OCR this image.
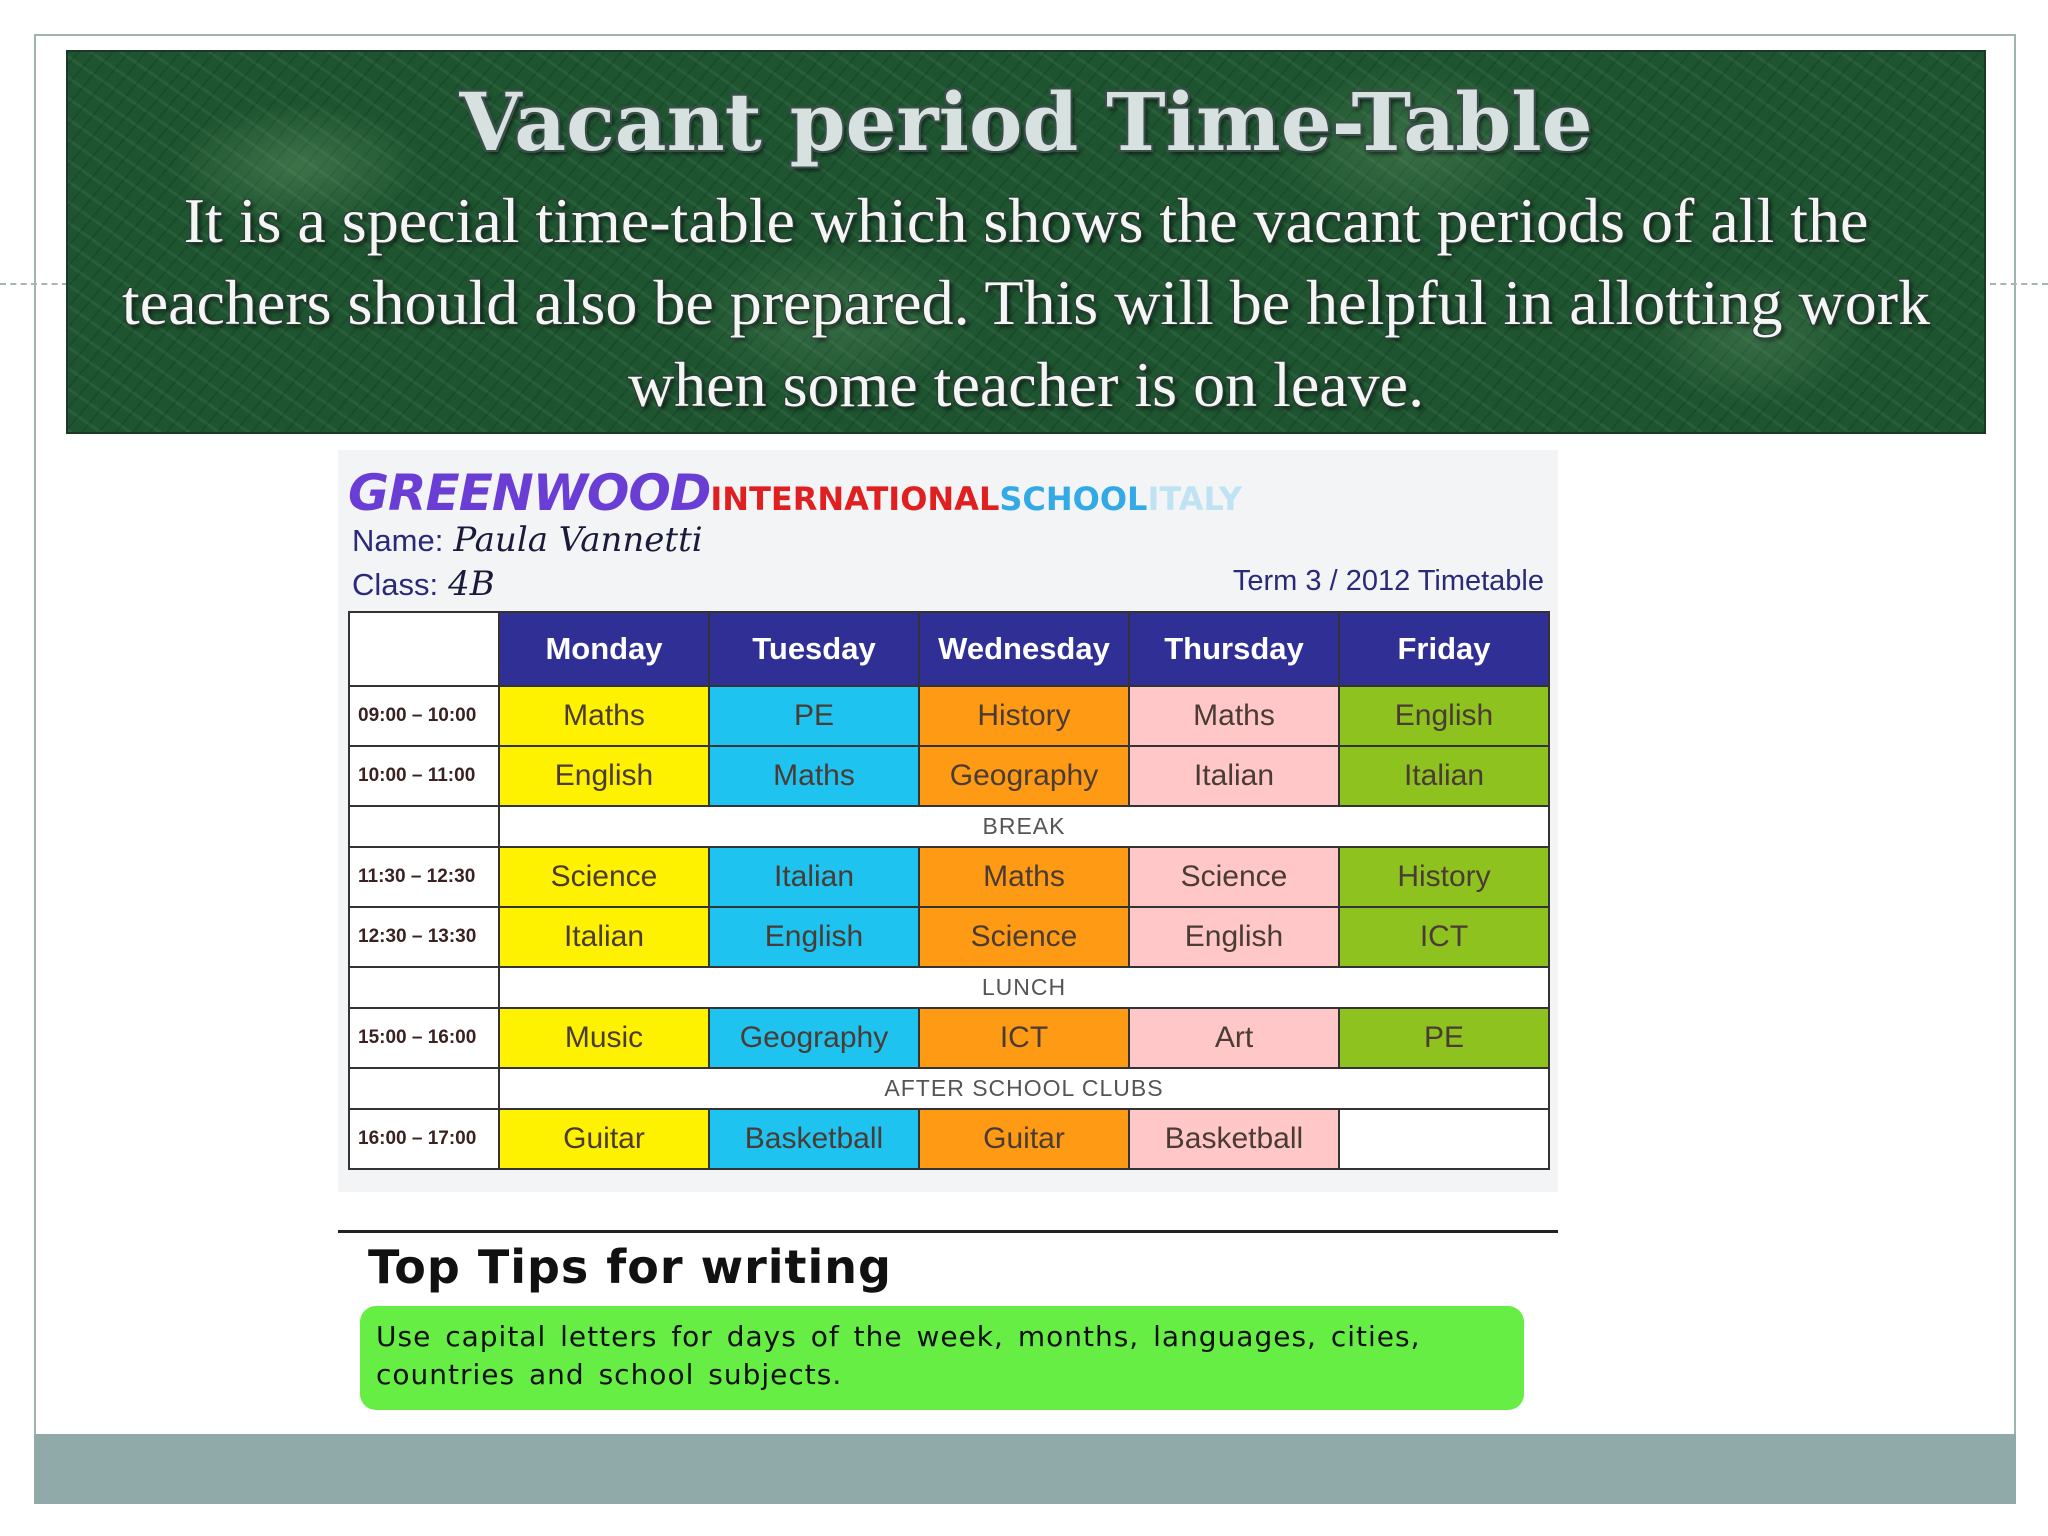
Vacant period Time-Table
It is a special time-table which shows the vacant periods of all the teachers should also be prepared. This will be helpful in allotting work when some teacher is on leave.
GREENWOODINTERNATIONALSCHOOLITALY
Name: Paula Vannetti
Class: 4B	Term 3 / 2012 Timetable
	Monday	Tuesday	Wednesday	Thursday	Friday
09:00 – 10:00	Maths	PE	History	Maths	English
10:00 – 11:00	English	Maths	Geography	Italian	Italian
	BREAK				
11:30 – 12:30	Science	Italian	Maths	Science	History
12:30 – 13:30	Italian	English	Science	English	ICT
	LUNCH				
15:00 – 16:00	Music	Geography	ICT	Art	PE
	AFTER SCHOOL CLUBS				
16:00 – 17:00	Guitar	Basketball	Guitar	Basketball	
Top Tips for writing
Use capital letters for days of the week, months, languages, cities, countries and school subjects.
